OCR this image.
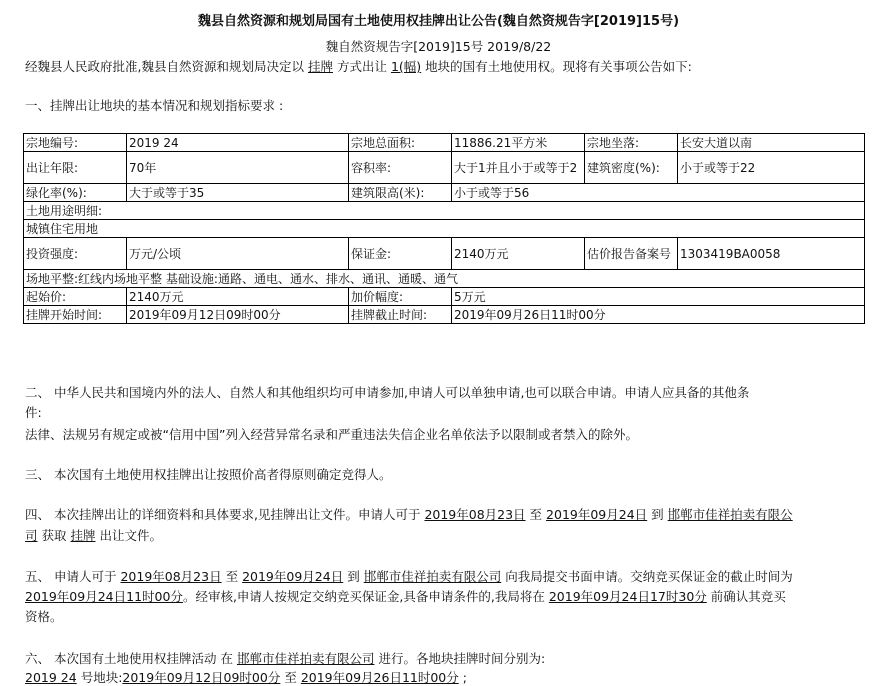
魏县自然资源和规划局国有土地使用权挂牌出让公告(魏自然资规告字[2019]15号)
魏自然资规告字[2019]15号 2019/8/22
经魏县人民政府批准,魏县自然资源和规划局决定以 挂牌 方式出让 1(幅) 地块的国有土地使用权。现将有关事项公告如下:
一、挂牌出让地块的基本情况和规划指标要求 :
宗地编号:	2019 24	宗地总面积:	11886.21平方米	宗地坐落:	长安大道以南
出让年限:	70年	容积率:	大于1并且小于或等于2	建筑密度(%):	小于或等于22
绿化率(%):	大于或等于35	建筑限高(米):	小于或等于56		
土地用途明细:					
城镇住宅用地					
投资强度:	万元/公顷	保证金:	2140万元	估价报告备案号	1303419BA0058
场地平整:红线内场地平整 基础设施:通路、通电、通水、排水、通讯、通暖、通气					
起始价:	2140万元	加价幅度:	5万元		
挂牌开始时间:	2019年09月12日09时00分	挂牌截止时间:	2019年09月26日11时00分		
二、 中华人民共和国境内外的法人、自然人和其他组织均可申请参加,申请人可以单独申请,也可以联合申请。申请人应具备的其他条
件:
法律、法规另有规定或被“信用中国”列入经营异常名录和严重违法失信企业名单依法予以限制或者禁入的除外。
三、 本次国有土地使用权挂牌出让按照价高者得原则确定竞得人。
四、 本次挂牌出让的详细资料和具体要求,见挂牌出让文件。申请人可于 2019年08月23日 至 2019年09月24日 到 邯郸市佳祥拍卖有限公
司 获取 挂牌 出让文件。
五、 申请人可于 2019年08月23日 至 2019年09月24日 到 邯郸市佳祥拍卖有限公司 向我局提交书面申请。交纳竞买保证金的截止时间为
2019年09月24日11时00分。经审核,申请人按规定交纳竞买保证金,具备申请条件的,我局将在 2019年09月24日17时30分 前确认其竞买
资格。
六、 本次国有土地使用权挂牌活动 在 邯郸市佳祥拍卖有限公司 进行。各地块挂牌时间分别为:
2019 24 号地块:2019年09月12日09时00分 至 2019年09月26日11时00分 ;
